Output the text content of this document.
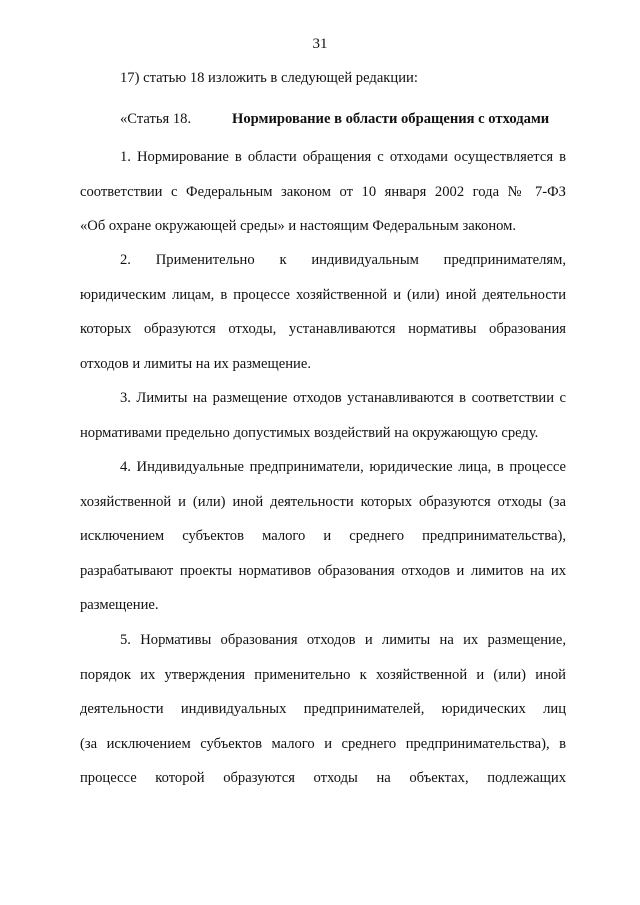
31
17) статью 18 изложить в следующей редакции:
«Статья 18.	Нормирование в области обращения с отходами
1. Нормирование в области обращения с отходами осуществляется в
соответствии с Федеральным законом от 10 января 2002 года № 7-ФЗ
«Об охране окружающей среды» и настоящим Федеральным законом.
2. Применительно к индивидуальным предпринимателям,
юридическим лицам, в процессе хозяйственной и (или) иной деятельности
которых образуются отходы, устанавливаются нормативы образования
отходов и лимиты на их размещение.
3. Лимиты на размещение отходов устанавливаются в соответствии с
нормативами предельно допустимых воздействий на окружающую среду.
4. Индивидуальные предприниматели, юридические лица, в процессе
хозяйственной и (или) иной деятельности которых образуются отходы (за
исключением субъектов малого и среднего предпринимательства),
разрабатывают проекты нормативов образования отходов и лимитов на их
размещение.
5. Нормативы образования отходов и лимиты на их размещение,
порядок их утверждения применительно к хозяйственной и (или) иной
деятельности индивидуальных предпринимателей, юридических лиц
(за исключением субъектов малого и среднего предпринимательства), в
процессе которой образуются отходы на объектах, подлежащих
